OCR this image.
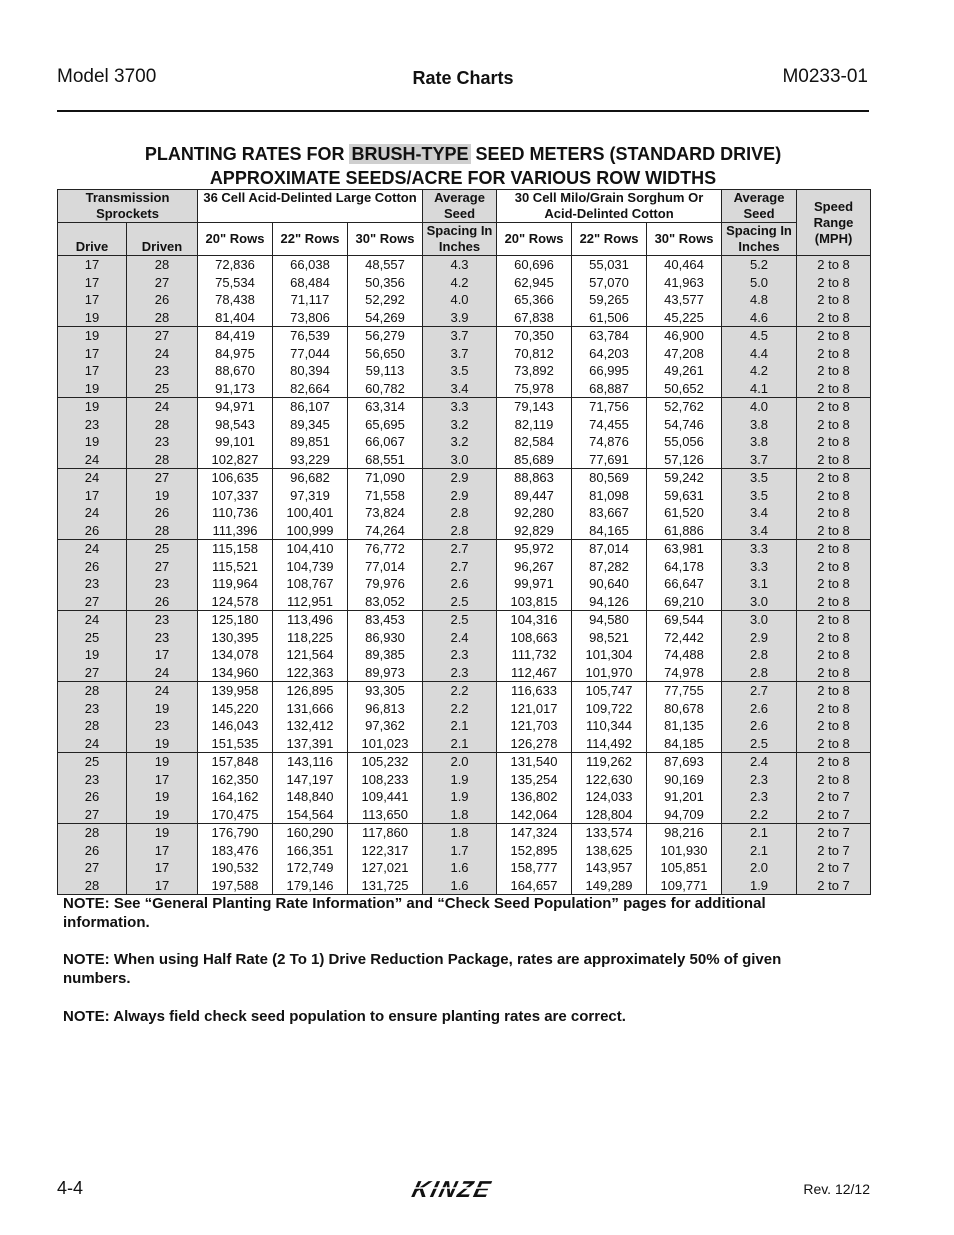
Model 3700	Rate Charts	M0233-01
PLANTING RATES FOR BRUSH-TYPE SEED METERS (STANDARD DRIVE)
APPROXIMATE SEEDS/ACRE FOR VARIOUS ROW WIDTHS
Transmission Sprockets		36 Cell Acid-Delinted Large Cotton			Average Seed	30 Cell Milo/Grain Sorghum Or Acid-Delinted Cotton			Average Seed	Speed Range (MPH)
Drive	Driven	20" Rows	22" Rows	30" Rows	Spacing In Inches	20" Rows	22" Rows	30" Rows	Spacing In Inches	
17	28	72,836	66,038	48,557	4.3	60,696	55,031	40,464	5.2	2 to 8
17	27	75,534	68,484	50,356	4.2	62,945	57,070	41,963	5.0	2 to 8
17	26	78,438	71,117	52,292	4.0	65,366	59,265	43,577	4.8	2 to 8
19	28	81,404	73,806	54,269	3.9	67,838	61,506	45,225	4.6	2 to 8
19	27	84,419	76,539	56,279	3.7	70,350	63,784	46,900	4.5	2 to 8
17	24	84,975	77,044	56,650	3.7	70,812	64,203	47,208	4.4	2 to 8
17	23	88,670	80,394	59,113	3.5	73,892	66,995	49,261	4.2	2 to 8
19	25	91,173	82,664	60,782	3.4	75,978	68,887	50,652	4.1	2 to 8
19	24	94,971	86,107	63,314	3.3	79,143	71,756	52,762	4.0	2 to 8
23	28	98,543	89,345	65,695	3.2	82,119	74,455	54,746	3.8	2 to 8
19	23	99,101	89,851	66,067	3.2	82,584	74,876	55,056	3.8	2 to 8
24	28	102,827	93,229	68,551	3.0	85,689	77,691	57,126	3.7	2 to 8
24	27	106,635	96,682	71,090	2.9	88,863	80,569	59,242	3.5	2 to 8
17	19	107,337	97,319	71,558	2.9	89,447	81,098	59,631	3.5	2 to 8
24	26	110,736	100,401	73,824	2.8	92,280	83,667	61,520	3.4	2 to 8
26	28	111,396	100,999	74,264	2.8	92,829	84,165	61,886	3.4	2 to 8
24	25	115,158	104,410	76,772	2.7	95,972	87,014	63,981	3.3	2 to 8
26	27	115,521	104,739	77,014	2.7	96,267	87,282	64,178	3.3	2 to 8
23	23	119,964	108,767	79,976	2.6	99,971	90,640	66,647	3.1	2 to 8
27	26	124,578	112,951	83,052	2.5	103,815	94,126	69,210	3.0	2 to 8
24	23	125,180	113,496	83,453	2.5	104,316	94,580	69,544	3.0	2 to 8
25	23	130,395	118,225	86,930	2.4	108,663	98,521	72,442	2.9	2 to 8
19	17	134,078	121,564	89,385	2.3	111,732	101,304	74,488	2.8	2 to 8
27	24	134,960	122,363	89,973	2.3	112,467	101,970	74,978	2.8	2 to 8
28	24	139,958	126,895	93,305	2.2	116,633	105,747	77,755	2.7	2 to 8
23	19	145,220	131,666	96,813	2.2	121,017	109,722	80,678	2.6	2 to 8
28	23	146,043	132,412	97,362	2.1	121,703	110,344	81,135	2.6	2 to 8
24	19	151,535	137,391	101,023	2.1	126,278	114,492	84,185	2.5	2 to 8
25	19	157,848	143,116	105,232	2.0	131,540	119,262	87,693	2.4	2 to 8
23	17	162,350	147,197	108,233	1.9	135,254	122,630	90,169	2.3	2 to 8
26	19	164,162	148,840	109,441	1.9	136,802	124,033	91,201	2.3	2 to 7
27	19	170,475	154,564	113,650	1.8	142,064	128,804	94,709	2.2	2 to 7
28	19	176,790	160,290	117,860	1.8	147,324	133,574	98,216	2.1	2 to 7
26	17	183,476	166,351	122,317	1.7	152,895	138,625	101,930	2.1	2 to 7
27	17	190,532	172,749	127,021	1.6	158,777	143,957	105,851	2.0	2 to 7
28	17	197,588	179,146	131,725	1.6	164,657	149,289	109,771	1.9	2 to 7
NOTE: See “General Planting Rate Information” and “Check Seed Population” pages for additional information.
NOTE: When using Half Rate (2 To 1) Drive Reduction Package, rates are approximately 50% of given numbers.
NOTE: Always field check seed population to ensure planting rates are correct.
4-4	KINZE	Rev. 12/12
